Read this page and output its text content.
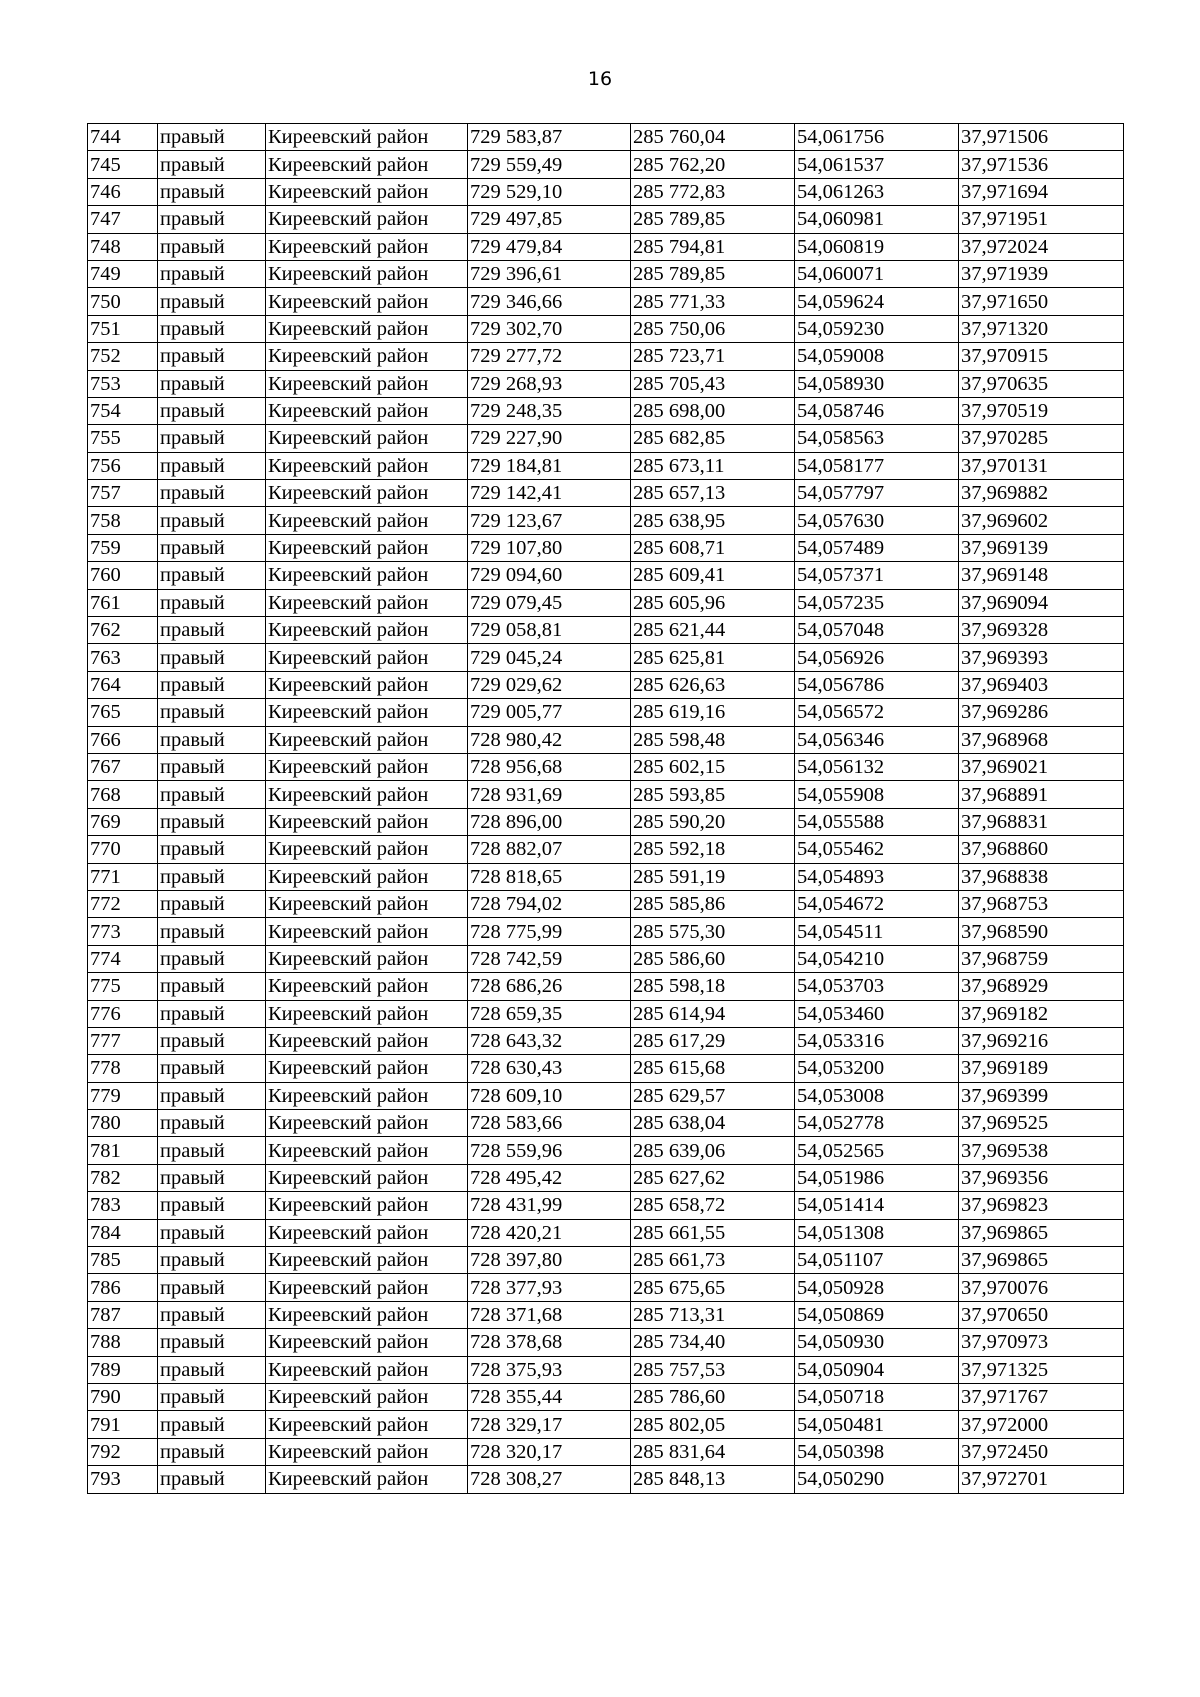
16
744	правый	Киреевский район	729 583,87	285 760,04	54,061756	37,971506
745	правый	Киреевский район	729 559,49	285 762,20	54,061537	37,971536
746	правый	Киреевский район	729 529,10	285 772,83	54,061263	37,971694
747	правый	Киреевский район	729 497,85	285 789,85	54,060981	37,971951
748	правый	Киреевский район	729 479,84	285 794,81	54,060819	37,972024
749	правый	Киреевский район	729 396,61	285 789,85	54,060071	37,971939
750	правый	Киреевский район	729 346,66	285 771,33	54,059624	37,971650
751	правый	Киреевский район	729 302,70	285 750,06	54,059230	37,971320
752	правый	Киреевский район	729 277,72	285 723,71	54,059008	37,970915
753	правый	Киреевский район	729 268,93	285 705,43	54,058930	37,970635
754	правый	Киреевский район	729 248,35	285 698,00	54,058746	37,970519
755	правый	Киреевский район	729 227,90	285 682,85	54,058563	37,970285
756	правый	Киреевский район	729 184,81	285 673,11	54,058177	37,970131
757	правый	Киреевский район	729 142,41	285 657,13	54,057797	37,969882
758	правый	Киреевский район	729 123,67	285 638,95	54,057630	37,969602
759	правый	Киреевский район	729 107,80	285 608,71	54,057489	37,969139
760	правый	Киреевский район	729 094,60	285 609,41	54,057371	37,969148
761	правый	Киреевский район	729 079,45	285 605,96	54,057235	37,969094
762	правый	Киреевский район	729 058,81	285 621,44	54,057048	37,969328
763	правый	Киреевский район	729 045,24	285 625,81	54,056926	37,969393
764	правый	Киреевский район	729 029,62	285 626,63	54,056786	37,969403
765	правый	Киреевский район	729 005,77	285 619,16	54,056572	37,969286
766	правый	Киреевский район	728 980,42	285 598,48	54,056346	37,968968
767	правый	Киреевский район	728 956,68	285 602,15	54,056132	37,969021
768	правый	Киреевский район	728 931,69	285 593,85	54,055908	37,968891
769	правый	Киреевский район	728 896,00	285 590,20	54,055588	37,968831
770	правый	Киреевский район	728 882,07	285 592,18	54,055462	37,968860
771	правый	Киреевский район	728 818,65	285 591,19	54,054893	37,968838
772	правый	Киреевский район	728 794,02	285 585,86	54,054672	37,968753
773	правый	Киреевский район	728 775,99	285 575,30	54,054511	37,968590
774	правый	Киреевский район	728 742,59	285 586,60	54,054210	37,968759
775	правый	Киреевский район	728 686,26	285 598,18	54,053703	37,968929
776	правый	Киреевский район	728 659,35	285 614,94	54,053460	37,969182
777	правый	Киреевский район	728 643,32	285 617,29	54,053316	37,969216
778	правый	Киреевский район	728 630,43	285 615,68	54,053200	37,969189
779	правый	Киреевский район	728 609,10	285 629,57	54,053008	37,969399
780	правый	Киреевский район	728 583,66	285 638,04	54,052778	37,969525
781	правый	Киреевский район	728 559,96	285 639,06	54,052565	37,969538
782	правый	Киреевский район	728 495,42	285 627,62	54,051986	37,969356
783	правый	Киреевский район	728 431,99	285 658,72	54,051414	37,969823
784	правый	Киреевский район	728 420,21	285 661,55	54,051308	37,969865
785	правый	Киреевский район	728 397,80	285 661,73	54,051107	37,969865
786	правый	Киреевский район	728 377,93	285 675,65	54,050928	37,970076
787	правый	Киреевский район	728 371,68	285 713,31	54,050869	37,970650
788	правый	Киреевский район	728 378,68	285 734,40	54,050930	37,970973
789	правый	Киреевский район	728 375,93	285 757,53	54,050904	37,971325
790	правый	Киреевский район	728 355,44	285 786,60	54,050718	37,971767
791	правый	Киреевский район	728 329,17	285 802,05	54,050481	37,972000
792	правый	Киреевский район	728 320,17	285 831,64	54,050398	37,972450
793	правый	Киреевский район	728 308,27	285 848,13	54,050290	37,972701
